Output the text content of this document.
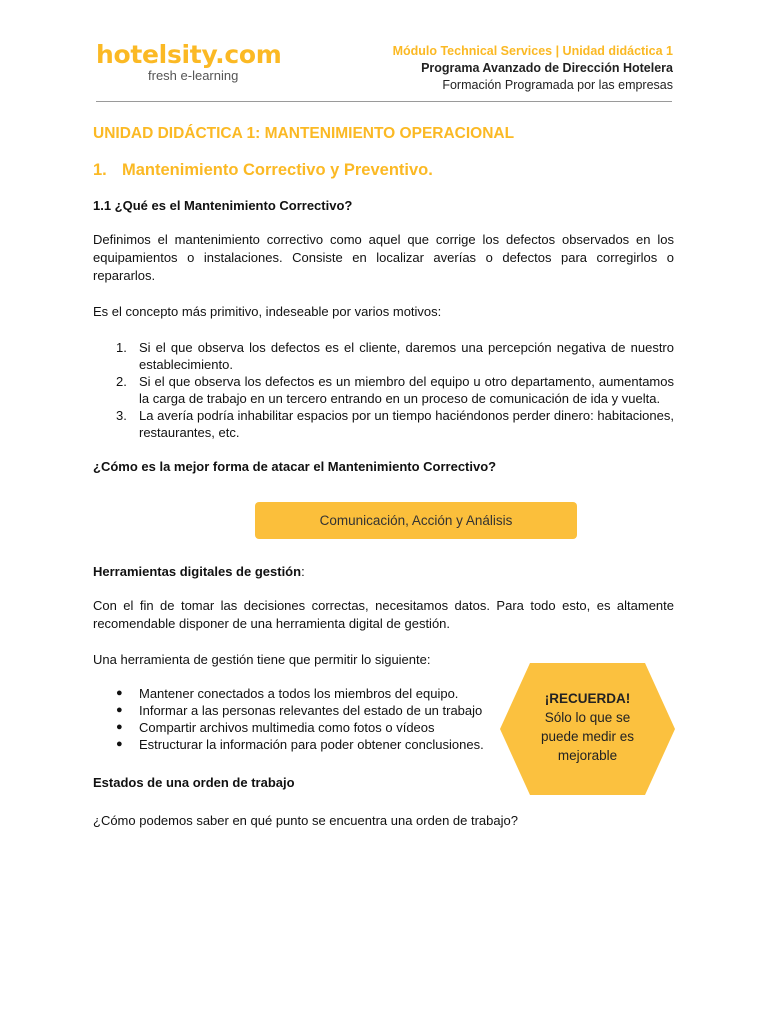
hotelsity.com
fresh e-learning
Módulo Technical Services | Unidad didáctica 1
Programa Avanzado de Dirección Hotelera
Formación Programada por las empresas
UNIDAD DIDÁCTICA 1: MANTENIMIENTO OPERACIONAL
1. Mantenimiento Correctivo y Preventivo.
1.1 ¿Qué es el Mantenimiento Correctivo?

Definimos el mantenimiento correctivo como aquel que corrige los defectos observados en los equipamientos o instalaciones. Consiste en localizar averías o defectos para corregirlos o repararlos.

Es el concepto más primitivo, indeseable por varios motivos:

1. Si el que observa los defectos es el cliente, daremos una percepción negativa de nuestro establecimiento.
2. Si el que observa los defectos es un miembro del equipo u otro departamento, aumentamos la carga de trabajo en un tercero entrando en un proceso de comunicación de ida y vuelta.
3. La avería podría inhabilitar espacios por un tiempo haciéndonos perder dinero: habitaciones, restaurantes, etc.
¿Cómo es la mejor forma de atacar el Mantenimiento Correctivo?
Comunicación, Acción y Análisis
Herramientas digitales de gestión:

Con el fin de tomar las decisiones correctas, necesitamos datos. Para todo esto, es altamente recomendable disponer de una herramienta digital de gestión.

Una herramienta de gestión tiene que permitir lo siguiente:

●	Mantener conectados a todos los miembros del equipo.
●	Informar a las personas relevantes del estado de un trabajo
●	Compartir archivos multimedia como fotos o vídeos
●	Estructurar la información para poder obtener conclusiones.
Estados de una orden de trabajo

¿Cómo podemos saber en qué punto se encuentra una orden de trabajo?

¡RECUERDA!
Sólo lo que se
puede medir es
mejorable
